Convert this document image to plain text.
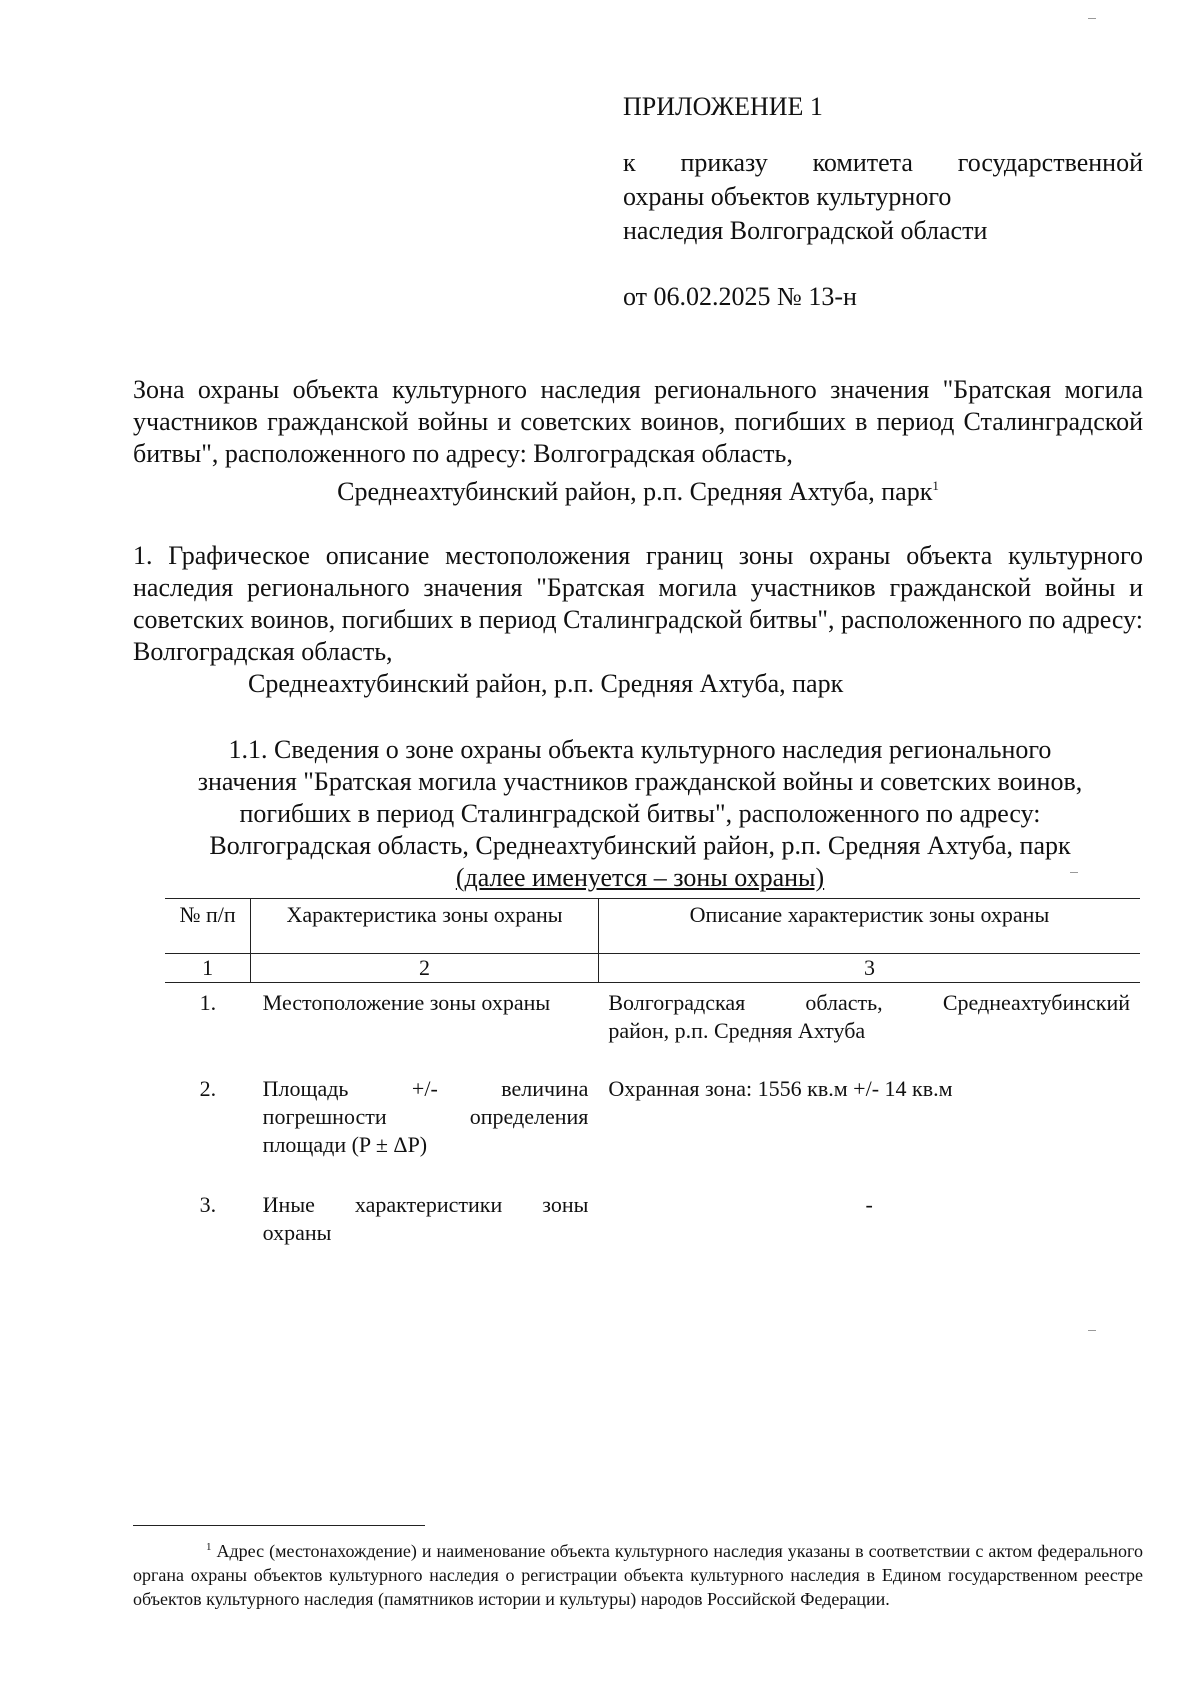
ПРИЛОЖЕНИЕ 1

к приказу комитета государственной

охраны объектов культурного

наследия Волгоградской области

от 06.02.2025 № 13-н

Зона охраны объекта культурного наследия регионального значения "Братская могила участников гражданской войны и советских воинов, погибших в период Сталинградской битвы", расположенного по адресу: Волгоградская область,
Среднеахтубинский район, р.п. Средняя Ахтуба, парк$^1$
1. Графическое описание местоположения границ зоны охраны объекта культурного наследия регионального значения "Братская могила участников гражданской войны и советских воинов, погибших в период Сталинградской битвы", расположенного по адресу: Волгоградская область,
Среднеахтубинский район, р.п. Средняя Ахтуба, парк
1.1. Сведения о зоне охраны объекта культурного наследия регионального
значения "Братская могила участников гражданской войны и советских воинов,
погибших в период Сталинградской битвы", расположенного по адресу:
Волгоградская область, Среднеахтубинский район, р.п. Средняя Ахтуба, парк
(далее именуется – зоны охраны)
№ п/п	Характеристика зоны охраны	Описание характеристик зоны охраны
1	2	3
1.	Местоположение зоны охраны	Волгоградская область, Среднеахтубинский
район, р.п. Средняя Ахтуба

2.	Площадь +/- величина
погрешности определения
площади (P ± ΔP)	Охранная зона: 1556 кв.м +/- 14 кв.м
3.	Иные характеристики зоны
охраны	-
$^1$ Адрес (местонахождение) и наименование объекта культурного наследия указаны в соответствии с актом федерального органа охраны объектов культурного наследия о регистрации объекта культурного наследия в Едином государственном реестре объектов культурного наследия (памятников истории и культуры) народов Российской Федерации.
